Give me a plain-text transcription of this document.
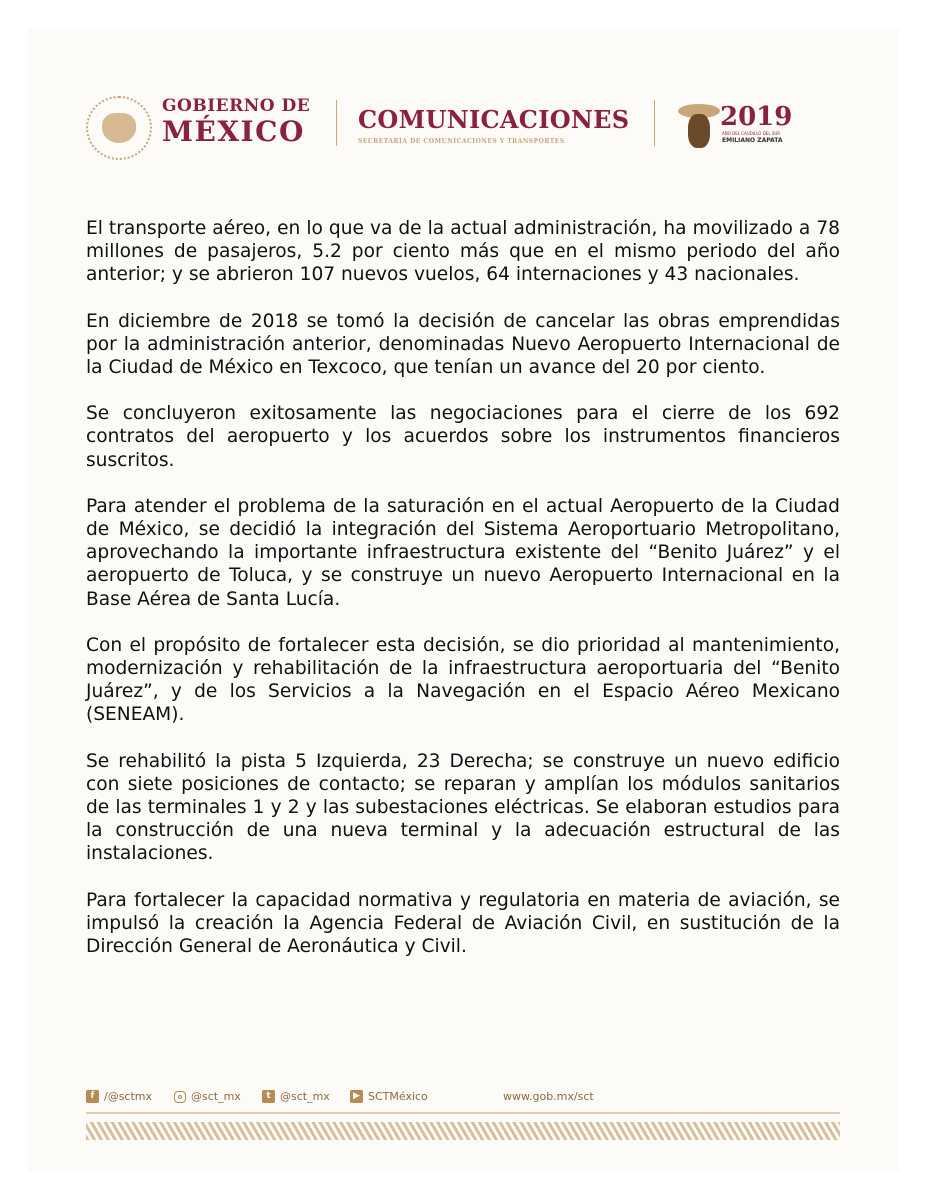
GOBIERNO DE
MÉXICO COMUNICACIONES
SECRETARÍA DE COMUNICACIONES Y TRANSPORTES
2019
AÑO DEL CAUDILLO DEL SUR
EMILIANO ZAPATA

El transporte aéreo, en lo que va de la actual administración, ha movilizado a 78 millones de pasajeros, 5.2 por ciento más que en el mismo periodo del año anterior; y se abrieron 107 nuevos vuelos, 64 internaciones y 43 nacionales.

En diciembre de 2018 se tomó la decisión de cancelar las obras emprendidas por la administración anterior, denominadas Nuevo Aeropuerto Internacional de la Ciudad de México en Texcoco, que tenían un avance del 20 por ciento.

Se concluyeron exitosamente las negociaciones para el cierre de los 692 contratos del aeropuerto y los acuerdos sobre los instrumentos financieros suscritos.

Para atender el problema de la saturación en el actual Aeropuerto de la Ciudad de México, se decidió la integración del Sistema Aeroportuario Metropolitano, aprovechando la importante infraestructura existente del “Benito Juárez” y el aeropuerto de Toluca, y se construye un nuevo Aeropuerto Internacional en la Base Aérea de Santa Lucía.

Con el propósito de fortalecer esta decisión, se dio prioridad al mantenimiento, modernización y rehabilitación de la infraestructura aeroportuaria del “Benito Juárez”, y de los Servicios a la Navegación en el Espacio Aéreo Mexicano (SENEAM).

Se rehabilitó la pista 5 Izquierda, 23 Derecha; se construye un nuevo edificio con siete posiciones de contacto; se reparan y amplían los módulos sanitarios de las terminales 1 y 2 y las subestaciones eléctricas. Se elaboran estudios para la construcción de una nueva terminal y la adecuación estructural de las instalaciones.

Para fortalecer la capacidad normativa y regulatoria en materia de aviación, se impulsó la creación la Agencia Federal de Aviación Civil, en sustitución de la Dirección General de Aeronáutica y Civil.

f /@sctmx	o @sct_mx	t @sct_mx	▶ SCTMéxico	www.gob.mx/sct
